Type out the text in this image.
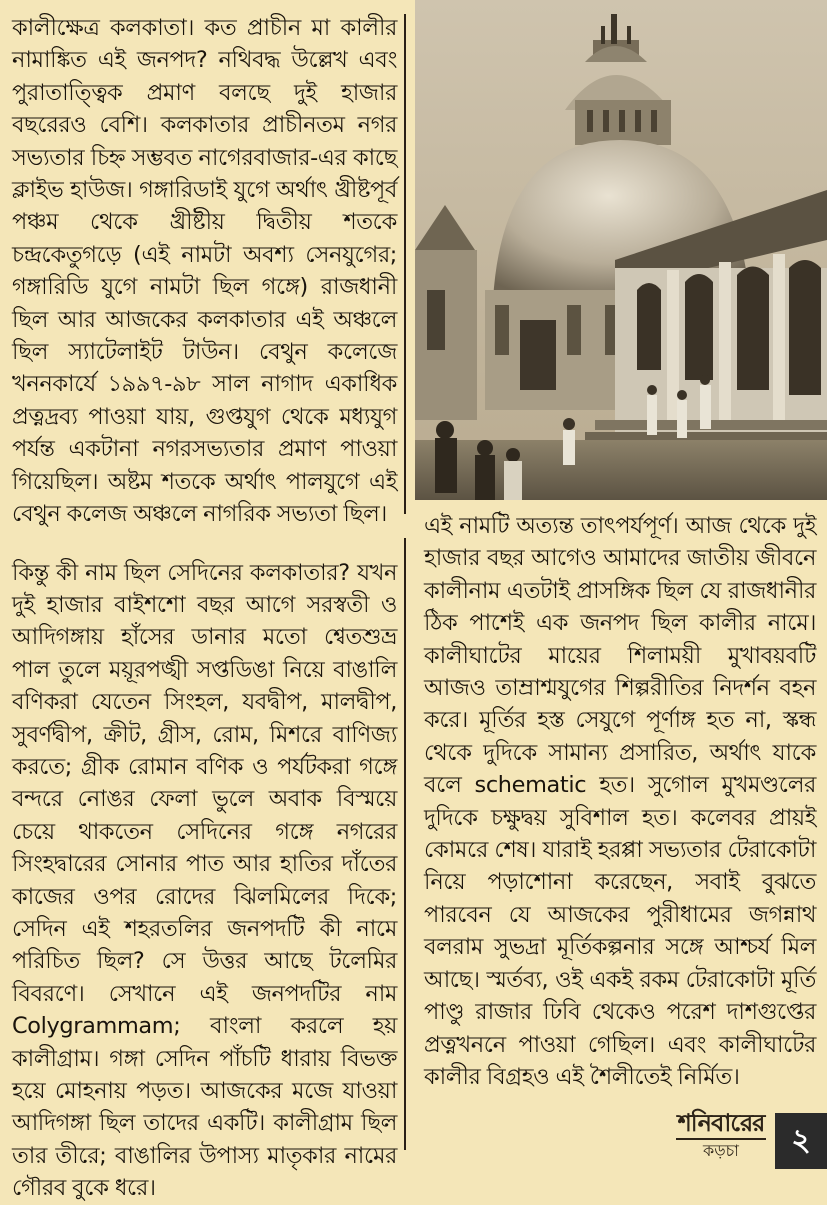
কালীক্ষেত্র কলকাতা। কত প্রাচীন মা কালীর নামাঙ্কিত এই জনপদ? নথিবদ্ধ উল্লেখ এবং পুরাতাত্ত্বিক প্রমাণ বলছে দুই হাজার বছরেরও বেশি। কলকাতার প্রাচীনতম নগর সভ্যতার চিহ্ন সম্ভবত নাগেরবাজার-এর কাছে ক্লাইভ হাউজ। গঙ্গারিডাই যুগে অর্থাৎ খ্রীষ্টপূর্ব পঞ্চম থেকে খ্রীষ্টীয় দ্বিতীয় শতকে চন্দ্রকেতুগড়ে (এই নামটা অবশ্য সেনযুগের; গঙ্গারিডি যুগে নামটা ছিল গঙ্গে) রাজধানী ছিল আর আজকের কলকাতার এই অঞ্চলে ছিল স্যাটেলাইট টাউন। বেথুন কলেজে খননকার্যে ১৯৯৭-৯৮ সাল নাগাদ একাধিক প্রত্নদ্রব্য পাওয়া যায়, গুপ্তযুগ থেকে মধ্যযুগ পর্যন্ত একটানা নগরসভ্যতার প্রমাণ পাওয়া গিয়েছিল। অষ্টম শতকে অর্থাৎ পালযুগে এই বেথুন কলেজ অঞ্চলে নাগরিক সভ্যতা ছিল।

কিন্তু কী নাম ছিল সেদিনের কলকাতার? যখন দুই হাজার বাইশশো বছর আগে সরস্বতী ও আদিগঙ্গায় হাঁসের ডানার মতো শ্বেতশুভ্র পাল তুলে ময়ূরপঙ্খী সপ্তডিঙা নিয়ে বাঙালি বণিকরা যেতেন সিংহল, যবদ্বীপ, মালদ্বীপ, সুবর্ণদ্বীপ, ক্রীট, গ্রীস, রোম, মিশরে বাণিজ্য করতে; গ্রীক রোমান বণিক ও পর্যটকরা গঙ্গে বন্দরে নোঙর ফেলা ভুলে অবাক বিস্ময়ে চেয়ে থাকতেন সেদিনের গঙ্গে নগরের সিংহদ্বারের সোনার পাত আর হাতির দাঁতের কাজের ওপর রোদের ঝিলমিলের দিকে; সেদিন এই শহরতলির জনপদটি কী নামে পরিচিত ছিল? সে উত্তর আছে টলেমির বিবরণে। সেখানে এই জনপদটির নাম Colygrammam; বাংলা করলে হয় কালীগ্রাম। গঙ্গা সেদিন পাঁচটি ধারায় বিভক্ত হয়ে মোহনায় পড়ত। আজকের মজে যাওয়া আদিগঙ্গা ছিল তাদের একটি। কালীগ্রাম ছিল তার তীরে; বাঙালির উপাস্য মাতৃকার নামের গৌরব বুকে ধরে।

এই নামটি অত্যন্ত তাৎপর্যপূর্ণ। আজ থেকে দুই হাজার বছর আগেও আমাদের জাতীয় জীবনে কালীনাম এতটাই প্রাসঙ্গিক ছিল যে রাজধানীর ঠিক পাশেই এক জনপদ ছিল কালীর নামে। কালীঘাটের মায়ের শিলাময়ী মুখাবয়বটি আজও তাম্রাশ্মযুগের শিল্পরীতির নিদর্শন বহন করে। মূর্তির হস্ত সেযুগে পূর্ণাঙ্গ হত না, স্কন্ধ থেকে দুদিকে সামান্য প্রসারিত, অর্থাৎ যাকে বলে schematic হত। সুগোল মুখমণ্ডলের দুদিকে চক্ষুদ্বয় সুবিশাল হত। কলেবর প্রায়ই কোমরে শেষ। যারাই হরপ্পা সভ্যতার টেরাকোটা নিয়ে পড়াশোনা করেছেন, সবাই বুঝতে পারবেন যে আজকের পুরীধামের জগন্নাথ বলরাম সুভদ্রা মূর্তিকল্পনার সঙ্গে আশ্চর্য মিল আছে। স্মর্তব্য, ওই একই রকম টেরাকোটা মূর্তি পাণ্ডু রাজার ঢিবি থেকেও পরেশ দাশগুপ্তের প্রত্নখননে পাওয়া গেছিল। এবং কালীঘাটের কালীর বিগ্রহও এই শৈলীতেই নির্মিত।

শনিবারের
কড়চা	২
